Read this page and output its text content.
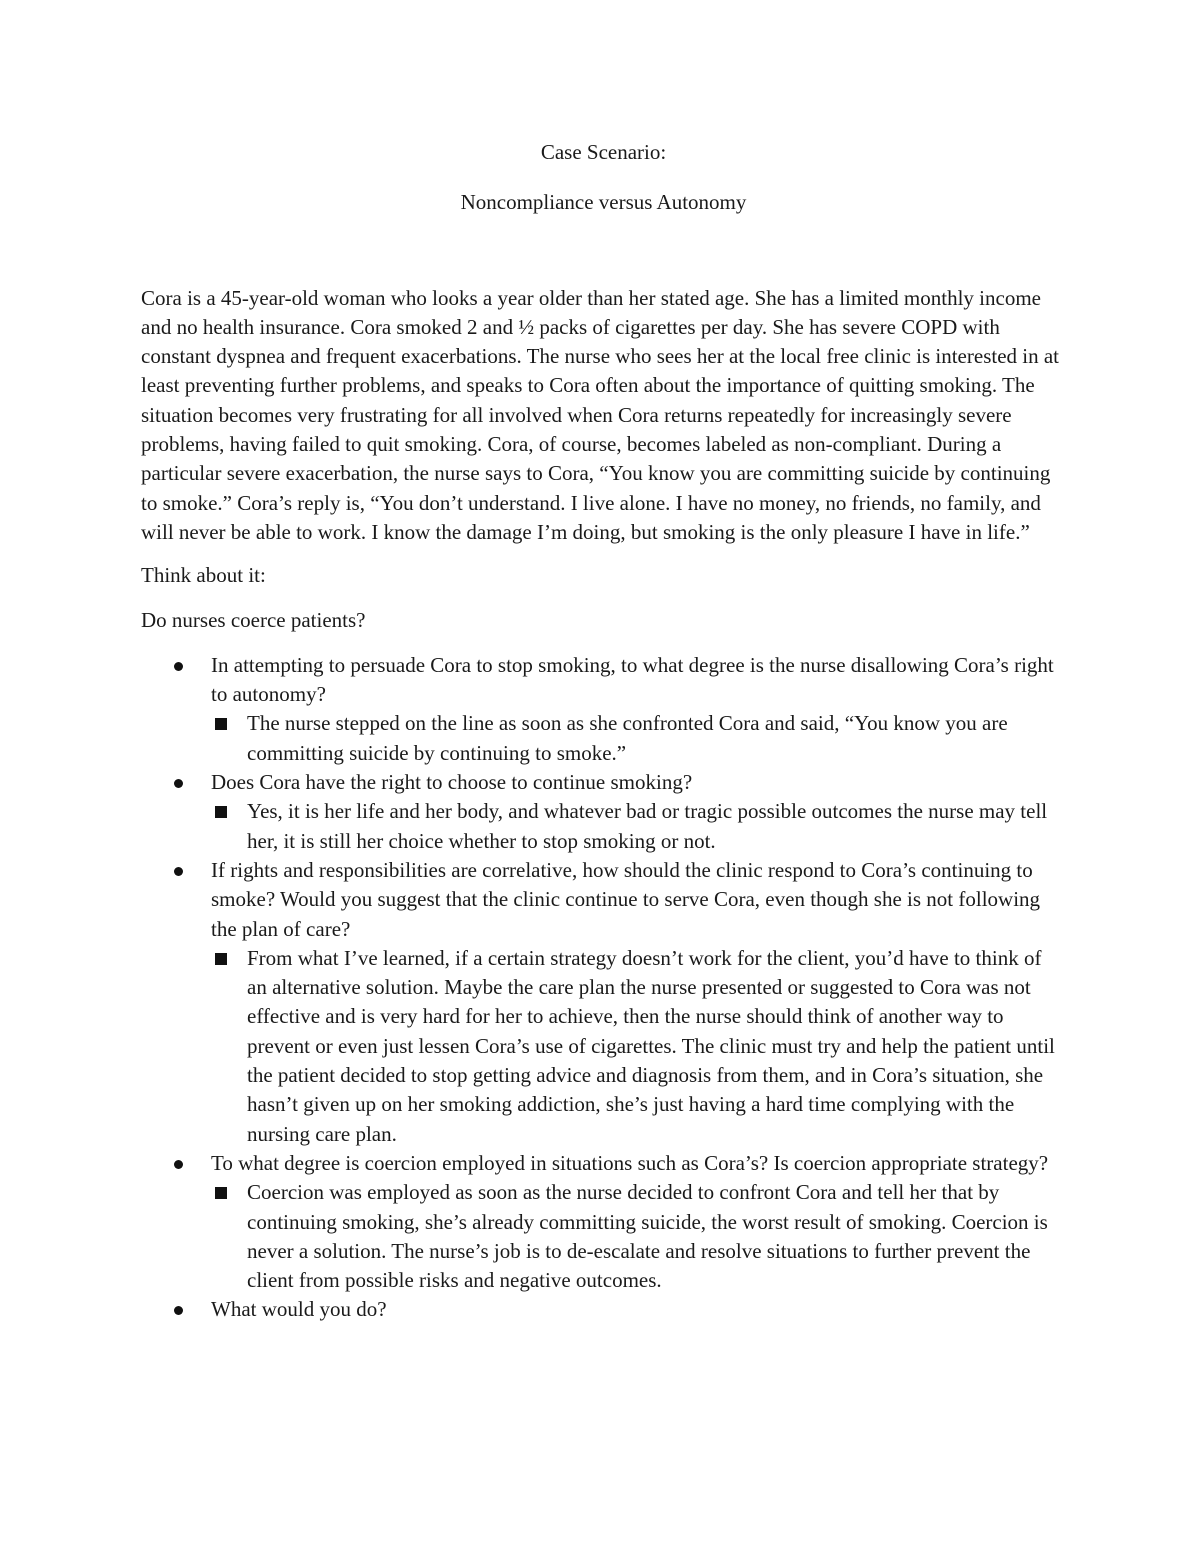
Case Scenario:
Noncompliance versus Autonomy

Cora is a 45-year-old woman who looks a year older than her stated age. She has a limited monthly income and no health insurance. Cora smoked 2 and ½ packs of cigarettes per day. She has severe COPD with constant dyspnea and frequent exacerbations. The nurse who sees her at the local free clinic is interested in at least preventing further problems, and speaks to Cora often about the importance of quitting smoking. The situation becomes very frustrating for all involved when Cora returns repeatedly for increasingly severe problems, having failed to quit smoking. Cora, of course, becomes labeled as non-compliant. During a particular severe exacerbation, the nurse says to Cora, “You know you are committing suicide by continuing to smoke.” Cora’s reply is, “You don’t understand. I live alone. I have no money, no friends, no family, and will never be able to work. I know the damage I’m doing, but smoking is the only pleasure I have in life.”

Think about it:

Do nurses coerce patients?

In attempting to persuade Cora to stop smoking, to what degree is the nurse disallowing Cora’s right to autonomy?
The nurse stepped on the line as soon as she confronted Cora and said, “You know you are committing suicide by continuing to smoke.”
Does Cora have the right to choose to continue smoking?
Yes, it is her life and her body, and whatever bad or tragic possible outcomes the nurse may tell her, it is still her choice whether to stop smoking or not.
If rights and responsibilities are correlative, how should the clinic respond to Cora’s continuing to smoke? Would you suggest that the clinic continue to serve Cora, even though she is not following the plan of care?
From what I’ve learned, if a certain strategy doesn’t work for the client, you’d have to think of an alternative solution. Maybe the care plan the nurse presented or suggested to Cora was not effective and is very hard for her to achieve, then the nurse should think of another way to prevent or even just lessen Cora’s use of cigarettes. The clinic must try and help the patient until the patient decided to stop getting advice and diagnosis from them, and in Cora’s situation, she hasn’t given up on her smoking addiction, she’s just having a hard time complying with the nursing care plan.
To what degree is coercion employed in situations such as Cora’s? Is coercion appropriate strategy?
Coercion was employed as soon as the nurse decided to confront Cora and tell her that by continuing smoking, she’s already committing suicide, the worst result of smoking. Coercion is never a solution. The nurse’s job is to de-escalate and resolve situations to further prevent the client from possible risks and negative outcomes.
What would you do?
